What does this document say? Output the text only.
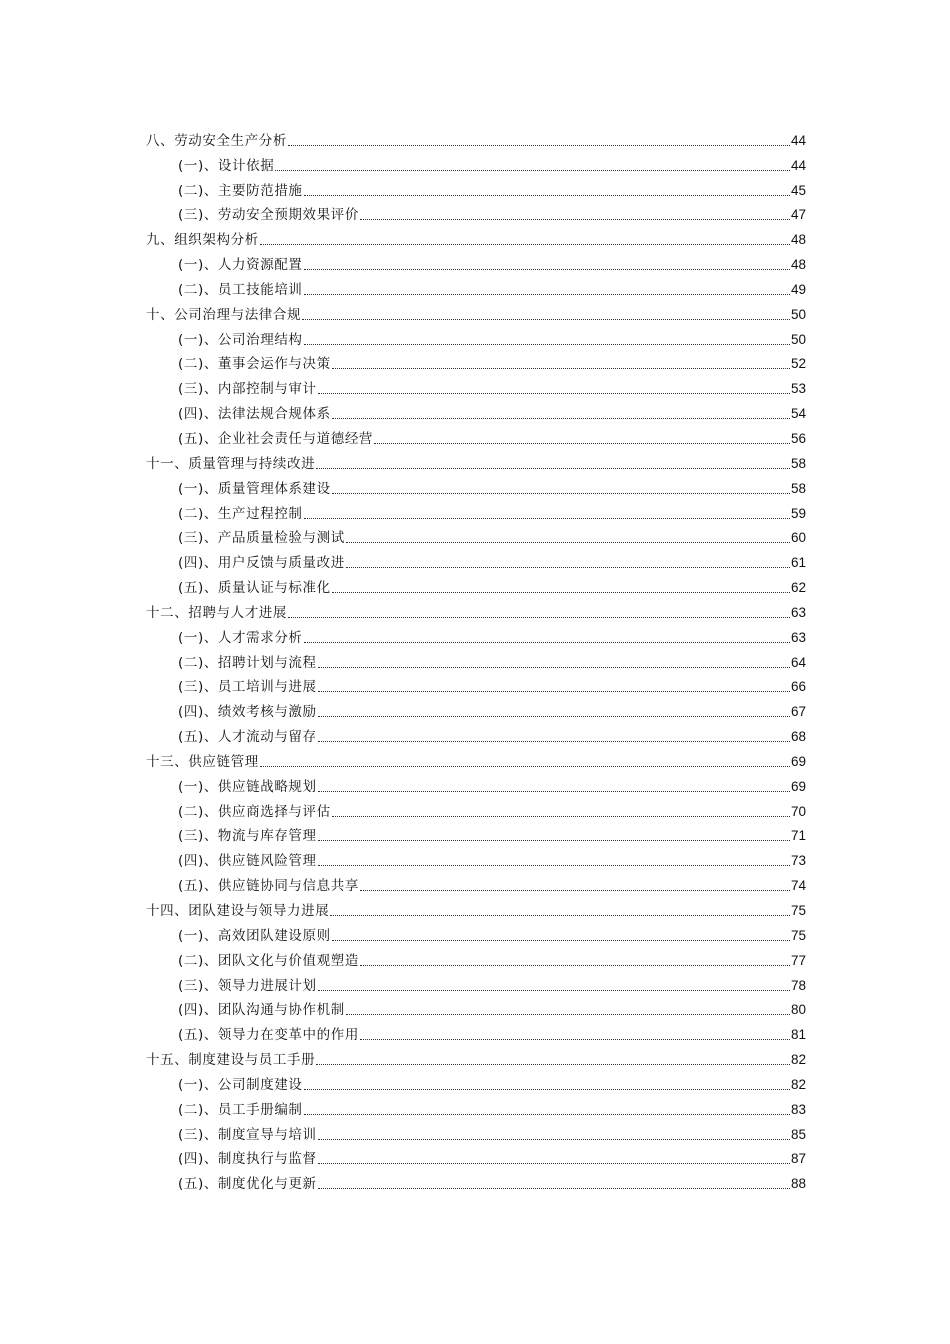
八、劳动安全生产分析	44
(一)、设计依据	44
(二)、主要防范措施	45
(三)、劳动安全预期效果评价	47
九、组织架构分析	48
(一)、人力资源配置	48
(二)、员工技能培训	49
十、公司治理与法律合规	50
(一)、公司治理结构	50
(二)、董事会运作与决策	52
(三)、内部控制与审计	53
(四)、法律法规合规体系	54
(五)、企业社会责任与道德经营	56
十一、质量管理与持续改进	58
(一)、质量管理体系建设	58
(二)、生产过程控制	59
(三)、产品质量检验与测试	60
(四)、用户反馈与质量改进	61
(五)、质量认证与标准化	62
十二、招聘与人才进展	63
(一)、人才需求分析	63
(二)、招聘计划与流程	64
(三)、员工培训与进展	66
(四)、绩效考核与激励	67
(五)、人才流动与留存	68
十三、供应链管理	69
(一)、供应链战略规划	69
(二)、供应商选择与评估	70
(三)、物流与库存管理	71
(四)、供应链风险管理	73
(五)、供应链协同与信息共享	74
十四、团队建设与领导力进展	75
(一)、高效团队建设原则	75
(二)、团队文化与价值观塑造	77
(三)、领导力进展计划	78
(四)、团队沟通与协作机制	80
(五)、领导力在变革中的作用	81
十五、制度建设与员工手册	82
(一)、公司制度建设	82
(二)、员工手册编制	83
(三)、制度宣导与培训	85
(四)、制度执行与监督	87
(五)、制度优化与更新	88
